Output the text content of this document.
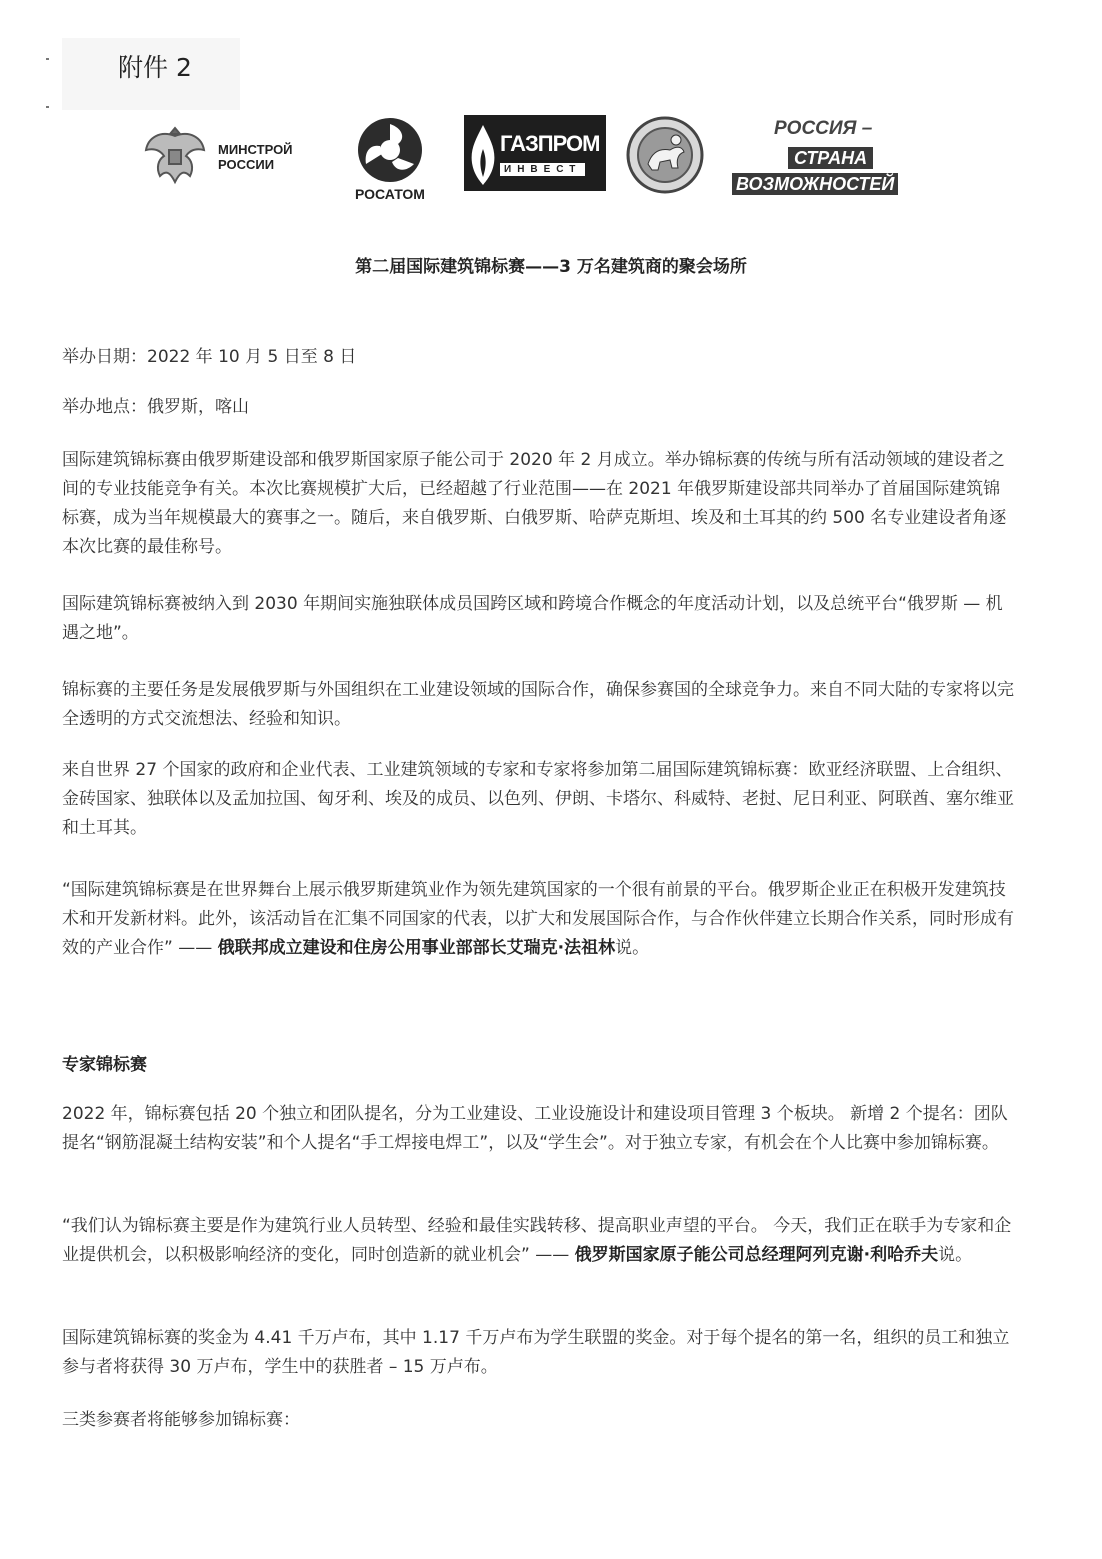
附件 2
МИНСТРОЙ
РОССИИ
РОСАТОМ
ГАЗПРОМ
ИНВЕСТ
РОССИЯ –
СТРАНА
ВОЗМОЖНОСТЕЙ
第二届国际建筑锦标赛——3 万名建筑商的聚会场所

举办日期：2022 年 10 月 5 日至 8 日

举办地点：俄罗斯，喀山

国际建筑锦标赛由俄罗斯建设部和俄罗斯国家原子能公司于 2020 年 2 月成立。举办锦标赛的传统与所有活动领域的建设者之间的专业技能竞争有关。本次比赛规模扩大后，已经超越了行业范围——在 2021 年俄罗斯建设部共同举办了首届国际建筑锦标赛，成为当年规模最大的赛事之一。随后，来自俄罗斯、白俄罗斯、哈萨克斯坦、埃及和土耳其的约 500 名专业建设者角逐本次比赛的最佳称号。

国际建筑锦标赛被纳入到 2030 年期间实施独联体成员国跨区域和跨境合作概念的年度活动计划，以及总统平台“俄罗斯 — 机遇之地”。

锦标赛的主要任务是发展俄罗斯与外国组织在工业建设领域的国际合作，确保参赛国的全球竞争力。来自不同大陆的专家将以完全透明的方式交流想法、经验和知识。

来自世界 27 个国家的政府和企业代表、工业建筑领域的专家和专家将参加第二届国际建筑锦标赛：欧亚经济联盟、上合组织、金砖国家、独联体以及孟加拉国、匈牙利、埃及的成员、以色列、伊朗、卡塔尔、科威特、老挝、尼日利亚、阿联酋、塞尔维亚和土耳其。

“国际建筑锦标赛是在世界舞台上展示俄罗斯建筑业作为领先建筑国家的一个很有前景的平台。俄罗斯企业正在积极开发建筑技术和开发新材料。此外，该活动旨在汇集不同国家的代表，以扩大和发展国际合作，与合作伙伴建立长期合作关系，同时形成有效的产业合作” —— 俄联邦成立建设和住房公用事业部部长艾瑞克·法祖林说。

专家锦标赛

2022 年，锦标赛包括 20 个独立和团队提名，分为工业建设、工业设施设计和建设项目管理 3 个板块。 新增 2 个提名：团队提名“钢筋混凝土结构安装”和个人提名“手工焊接电焊工”，以及“学生会”。对于独立专家，有机会在个人比赛中参加锦标赛。

“我们认为锦标赛主要是作为建筑行业人员转型、经验和最佳实践转移、提高职业声望的平台。 今天，我们正在联手为专家和企业提供机会，以积极影响经济的变化，同时创造新的就业机会” —— 俄罗斯国家原子能公司总经理阿列克谢·利哈乔夫说。

国际建筑锦标赛的奖金为 4.41 千万卢布，其中 1.17 千万卢布为学生联盟的奖金。对于每个提名的第一名，组织的员工和独立参与者将获得 30 万卢布，学生中的获胜者 – 15 万卢布。

三类参赛者将能够参加锦标赛：
